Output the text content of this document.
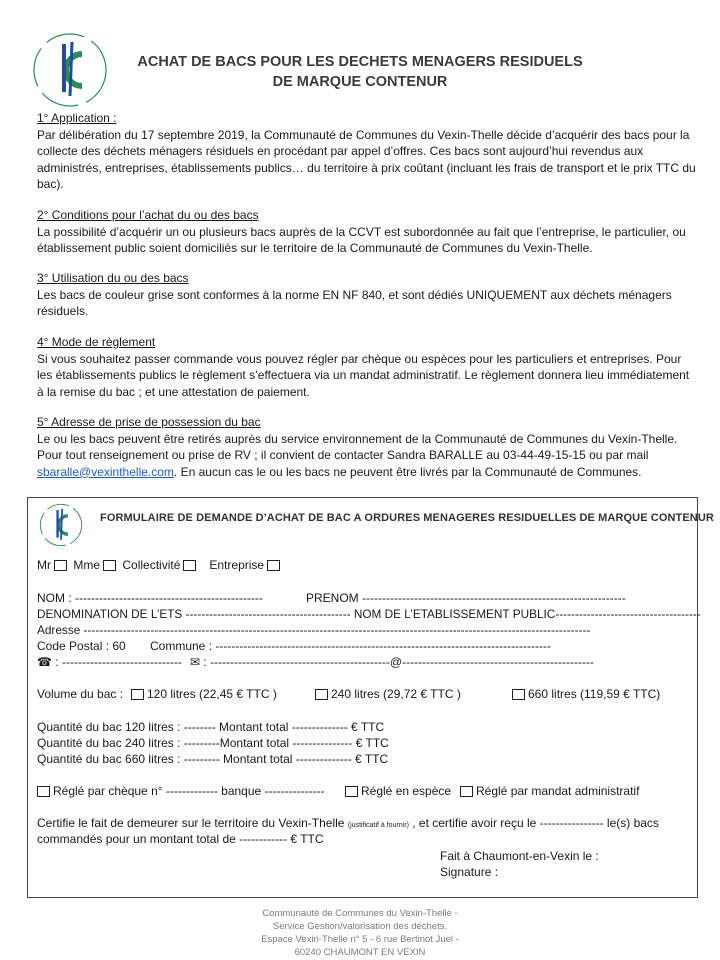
ACHAT DE BACS POUR LES DECHETS MENAGERS RESIDUELS
DE MARQUE CONTENUR
1° Application :
Par délibération du 17 septembre 2019, la Communauté de Communes du Vexin-Thelle décide d’acquérir des bacs pour la collecte des déchets ménagers résiduels en procédant par appel d’offres. Ces bacs sont aujourd’hui revendus aux administrés, entreprises, établissements publics… du territoire à prix coûtant (incluant les frais de transport et le prix TTC du bac).
2° Conditions pour l’achat du ou des bacs
La possibilité d’acquérir un ou plusieurs bacs auprès de la CCVT est subordonnée au fait que l’entreprise, le particulier, ou établissement public soient domiciliés sur le territoire de la Communauté de Communes du Vexin-Thelle.
3° Utilisation du ou des bacs
Les bacs de couleur grise sont conformes à la norme EN NF 840, et sont dédiés UNIQUEMENT aux déchets ménagers résiduels.
4° Mode de règlement
Si vous souhaitez passer commande vous pouvez régler par chèque ou espèces pour les particuliers et entreprises. Pour les établissements publics le règlement s’effectuera via un mandat administratif. Le règlement donnera lieu immédiatement à la remise du bac ; et une attestation de paiement.
5° Adresse de prise de possession du bac
Le ou les bacs peuvent être retirés auprès du service environnement de la Communauté de Communes du Vexin-Thelle. Pour tout renseignement ou prise de RV ; il convient de contacter Sandra BARALLE au 03-44-49-15-15 ou par mail sbaralle@vexinthelle.com. En aucun cas le ou les bacs ne peuvent être livrés par la Communauté de Communes.
FORMULAIRE DE DEMANDE D’ACHAT DE BAC A ORDURES MENAGERES RESIDUELLES DE MARQUE CONTENUR
Mr Mme Collectivité Entreprise
NOM : -----------------------------------------------	PRENOM ------------------------------------------------------------------
DENOMINATION DE L’ETS ------------------------------------------ NOM DE L’ETABLISSEMENT PUBLIC-------------------------------------
Adresse ---------------------------------------------------------------------------------------------------------------------------------
Code Postal : 60 Commune : ------------------------------------------------------------------------------------
☎ : ------------------------------ ✉ : ---------------------------------------------@------------------------------------------------
Volume du bac :	120 litres (22,45 € TTC )	240 litres (29,72 € TTC )	660 litres (119,59 € TTC)
Quantité du bac 120 litres : -------- Montant total -------------- € TTC
Quantité du bac 240 litres : ---------Montant total --------------- € TTC
Quantité du bac 660 litres : --------- Montant total -------------- € TTC
Réglé par chèque n° ------------- banque ---------------	Réglé en espèce	Réglé par mandat administratif
Certifie le fait de demeurer sur le territoire du Vexin-Thelle (justificatif à fournir) , et certifie avoir reçu le ---------------- le(s) bacs
commandés pour un montant total de ------------ € TTC
Fait à Chaumont-en-Vexin le :
Signature :
Communauté de Communes du Vexin-Thelle -
Service Gestion/valorisation des déchets.
Espace Vexin-Thelle n° 5 - 6 rue Bertinot Juel -
60240 CHAUMONT EN VEXIN
